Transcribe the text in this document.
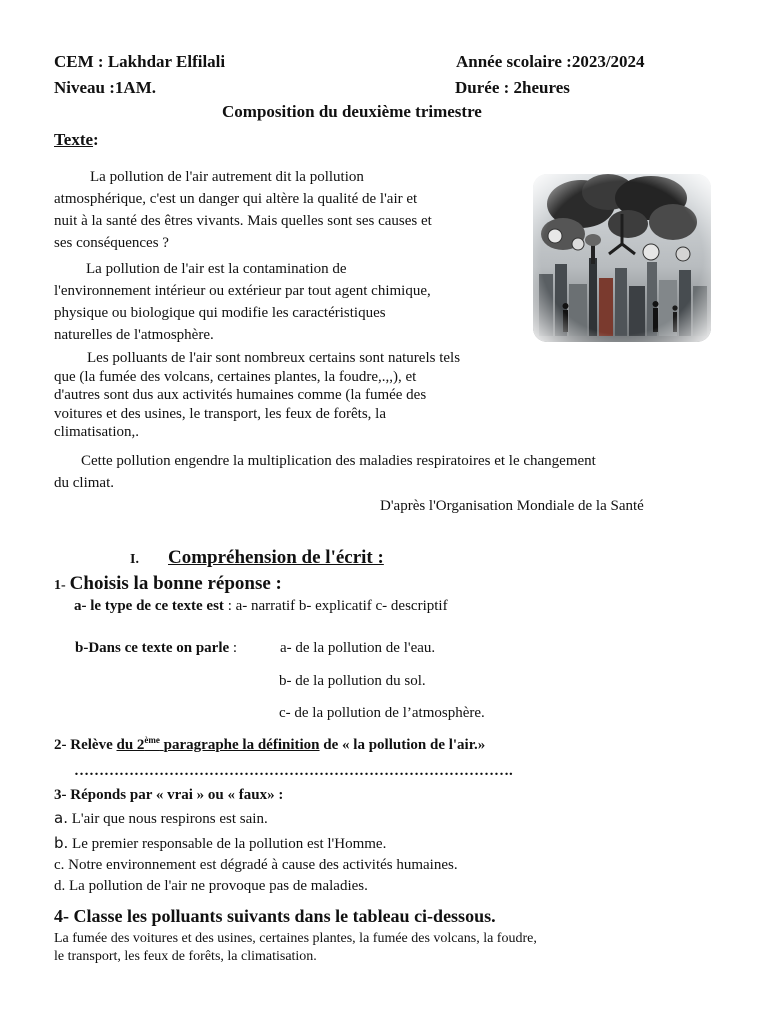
CEM : Lakhdar Elfilali	Année scolaire :2023/2024
Niveau :1AM.	Durée : 2heures
Composition du deuxième trimestre
Texte:
La pollution de l'air autrement dit la pollution
atmosphérique, c'est un danger qui altère la qualité de l'air et
nuit à la santé des êtres vivants. Mais quelles sont ses causes et
ses conséquences ?
La pollution de l'air est la contamination de
l'environnement intérieur ou extérieur par tout agent chimique,
physique ou biologique qui modifie les caractéristiques
naturelles de l'atmosphère.
Les polluants de l'air sont nombreux certains sont naturels tels
que (la fumée des volcans, certaines plantes, la foudre,.,,), et
d'autres sont dus aux activités humaines comme (la fumée des
voitures et des usines, le transport, les feux de forêts, la
climatisation,.
Cette pollution engendre la multiplication des maladies respiratoires et le changement
du climat.
D'après l'Organisation Mondiale de la Santé
I. Compréhension de l'écrit :
1- Choisis la bonne réponse :
a- le type de ce texte est : a- narratif b- explicatif c- descriptif
b-Dans ce texte on parle :	a- de la pollution de l'eau.
b- de la pollution du sol.
c- de la pollution de l’atmosphère.
2- Relève du 2ème paragraphe la définition de « la pollution de l'air.»
…………………………………………………………………………….
3- Réponds par « vrai » ou « faux» :
a. L'air que nous respirons est sain.
b. Le premier responsable de la pollution est l'Homme.
c. Notre environnement est dégradé à cause des activités humaines.
d. La pollution de l'air ne provoque pas de maladies.
4- Classe les polluants suivants dans le tableau ci-dessous.
La fumée des voitures et des usines, certaines plantes, la fumée des volcans, la foudre,
le transport, les feux de forêts, la climatisation.
